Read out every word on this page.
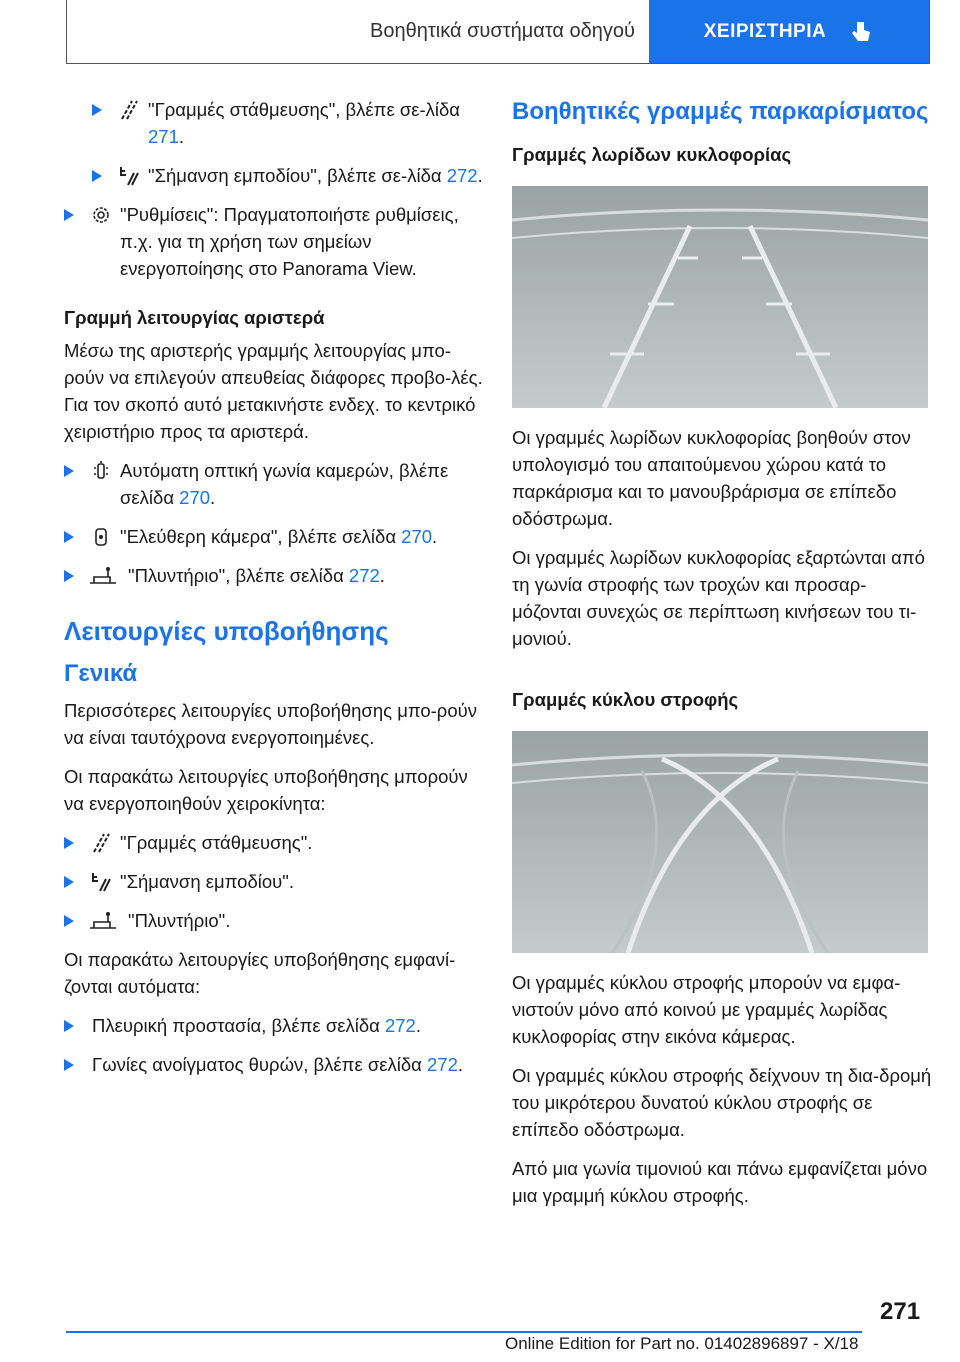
Βοηθητικά συστήματα οδηγού	ΧΕΙΡΙΣΤΗΡΙΑ
"Γραμμές στάθμευσης", βλέπε σε-λίδα 271.
"Σήμανση εμποδίου", βλέπε σε-λίδα 272.
"Ρυθμίσεις": Πραγματοποιήστε ρυθμίσεις, π.χ. για τη χρήση των σημείων ενεργοποίησης στο Panorama View.
Γραμμή λειτουργίας αριστερά

Μέσω της αριστερής γραμμής λειτουργίας μπο-ρούν να επιλεγούν απευθείας διάφορες προβο-λές. Για τον σκοπό αυτό μετακινήστε ενδεχ. το κεντρικό χειριστήριο προς τα αριστερά.

Αυτόματη οπτική γωνία καμερών, βλέπε σελίδα 270.
"Ελεύθερη κάμερα", βλέπε σελίδα 270.
"Πλυντήριο", βλέπε σελίδα 272.
Λειτουργίες υποβοήθησης
Γενικά

Περισσότερες λειτουργίες υποβοήθησης μπο-ρούν να είναι ταυτόχρονα ενεργοποιημένες.

Οι παρακάτω λειτουργίες υποβοήθησης μπορούν να ενεργοποιηθούν χειροκίνητα:

"Γραμμές στάθμευσης".
"Σήμανση εμποδίου".
"Πλυντήριο".

Οι παρακάτω λειτουργίες υποβοήθησης εμφανί-ζονται αυτόματα:

Πλευρική προστασία, βλέπε σελίδα 272.
Γωνίες ανοίγματος θυρών, βλέπε σελίδα 272.
Βοηθητικές γραμμές παρκαρίσματος
Γραμμές λωρίδων κυκλοφορίας

Οι γραμμές λωρίδων κυκλοφορίας βοηθούν στον υπολογισμό του απαιτούμενου χώρου κατά το παρκάρισμα και το μανουβράρισμα σε επίπεδο οδόστρωμα.

Οι γραμμές λωρίδων κυκλοφορίας εξαρτώνται από τη γωνία στροφής των τροχών και προσαρ-μόζονται συνεχώς σε περίπτωση κινήσεων του τι-μονιού.

Γραμμές κύκλου στροφής

Οι γραμμές κύκλου στροφής μπορούν να εμφα-νιστούν μόνο από κοινού με γραμμές λωρίδας κυκλοφορίας στην εικόνα κάμερας.

Οι γραμμές κύκλου στροφής δείχνουν τη δια-δρομή του μικρότερου δυνατού κύκλου στροφής σε επίπεδο οδόστρωμα.

Από μια γωνία τιμονιού και πάνω εμφανίζεται μόνο μια γραμμή κύκλου στροφής.

271
Online Edition for Part no. 01402896897 - X/18
